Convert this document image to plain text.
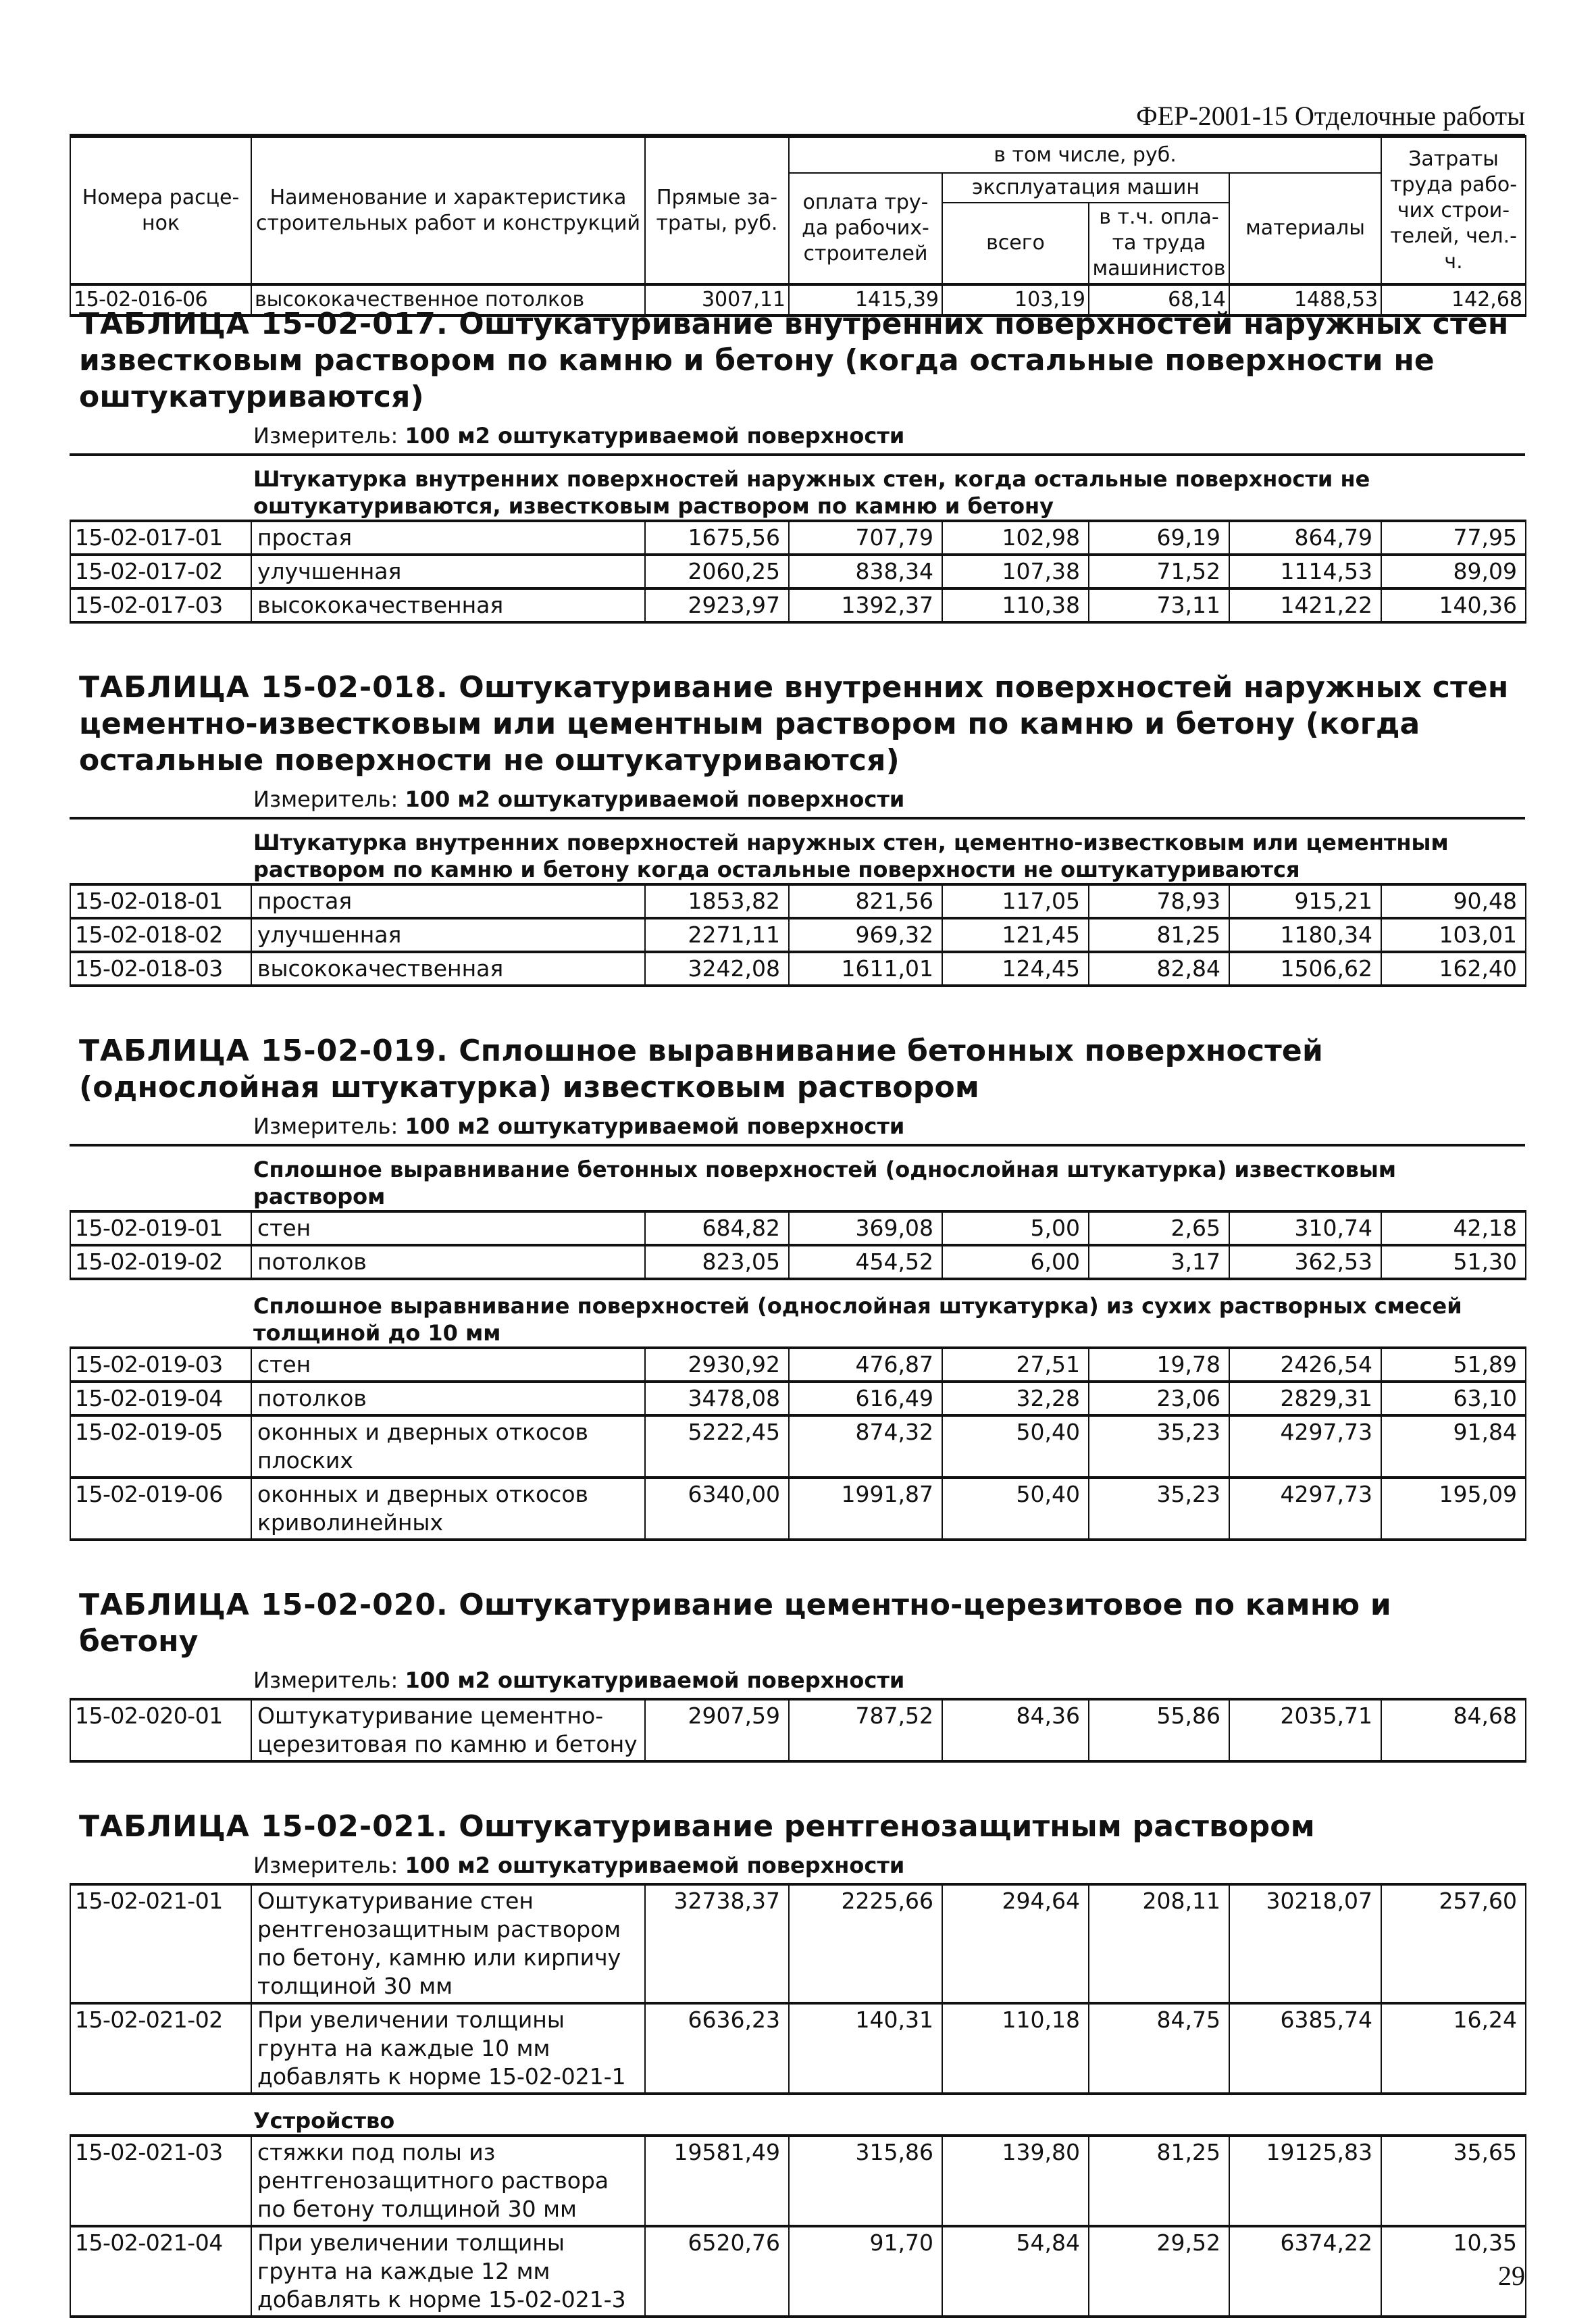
ФЕР-2001-15 Отделочные работы
Номера расце-нок	Наименование и характеристика строительных работ и конструкций	Прямые за-траты, руб.	в том числе, руб.				Затраты труда рабо-чих строи-телей, чел.-ч.
			оплата тру-да рабочих-строителей	эксплуатация машин		материалы	
				всего	в т.ч. опла-та труда машинистов		
15-02-016-06	высококачественное потолков	3007,11	1415,39	103,19	68,14	1488,53	142,68
ТАБЛИЦА 15-02-017. Оштукатуривание внутренних поверхностей наружных стен известковым раствором по камню и бетону (когда остальные поверхности не оштукатуриваются)
Измеритель: 100 м2 оштукатуриваемой поверхности
Штукатурка внутренних поверхностей наружных стен, когда остальные поверхности не оштукатуриваются, известковым раствором по камню и бетону
15-02-017-01	простая	1675,56	707,79	102,98	69,19	864,79	77,95
15-02-017-02	улучшенная	2060,25	838,34	107,38	71,52	1114,53	89,09
15-02-017-03	высококачественная	2923,97	1392,37	110,38	73,11	1421,22	140,36
ТАБЛИЦА 15-02-018. Оштукатуривание внутренних поверхностей наружных стен цементно-известковым или цементным раствором по камню и бетону (когда остальные поверхности не оштукатуриваются)
Измеритель: 100 м2 оштукатуриваемой поверхности
Штукатурка внутренних поверхностей наружных стен, цементно-известковым или цементным раствором по камню и бетону когда остальные поверхности не оштукатуриваются
15-02-018-01	простая	1853,82	821,56	117,05	78,93	915,21	90,48
15-02-018-02	улучшенная	2271,11	969,32	121,45	81,25	1180,34	103,01
15-02-018-03	высококачественная	3242,08	1611,01	124,45	82,84	1506,62	162,40
ТАБЛИЦА 15-02-019. Сплошное выравнивание бетонных поверхностей (однослойная штукатурка) известковым раствором
Измеритель: 100 м2 оштукатуриваемой поверхности
Сплошное выравнивание бетонных поверхностей (однослойная штукатурка) известковым раствором
15-02-019-01	стен	684,82	369,08	5,00	2,65	310,74	42,18
15-02-019-02	потолков	823,05	454,52	6,00	3,17	362,53	51,30
Сплошное выравнивание поверхностей (однослойная штукатурка) из сухих растворных смесей толщиной до 10 мм
15-02-019-03	стен	2930,92	476,87	27,51	19,78	2426,54	51,89
15-02-019-04	потолков	3478,08	616,49	32,28	23,06	2829,31	63,10
15-02-019-05	оконных и дверных откосов плоских	5222,45	874,32	50,40	35,23	4297,73	91,84
15-02-019-06	оконных и дверных откосов криволинейных	6340,00	1991,87	50,40	35,23	4297,73	195,09
ТАБЛИЦА 15-02-020. Оштукатуривание цементно-церезитовое по камню и бетону
Измеритель: 100 м2 оштукатуриваемой поверхности
15-02-020-01	Оштукатуривание цементно-церезитовая по камню и бетону	2907,59	787,52	84,36	55,86	2035,71	84,68
ТАБЛИЦА 15-02-021. Оштукатуривание рентгенозащитным раствором
Измеритель: 100 м2 оштукатуриваемой поверхности
15-02-021-01	Оштукатуривание стен рентгенозащитным раствором по бетону, камню или кирпичу толщиной 30 мм	32738,37	2225,66	294,64	208,11	30218,07	257,60
15-02-021-02	При увеличении толщины грунта на каждые 10 мм добавлять к норме 15-02-021-1	6636,23	140,31	110,18	84,75	6385,74	16,24
Устройство
15-02-021-03	стяжки под полы из рентгенозащитного раствора по бетону толщиной 30 мм	19581,49	315,86	139,80	81,25	19125,83	35,65
15-02-021-04	При увеличении толщины грунта на каждые 12 мм добавлять к норме 15-02-021-3	6520,76	91,70	54,84	29,52	6374,22	10,35
29
